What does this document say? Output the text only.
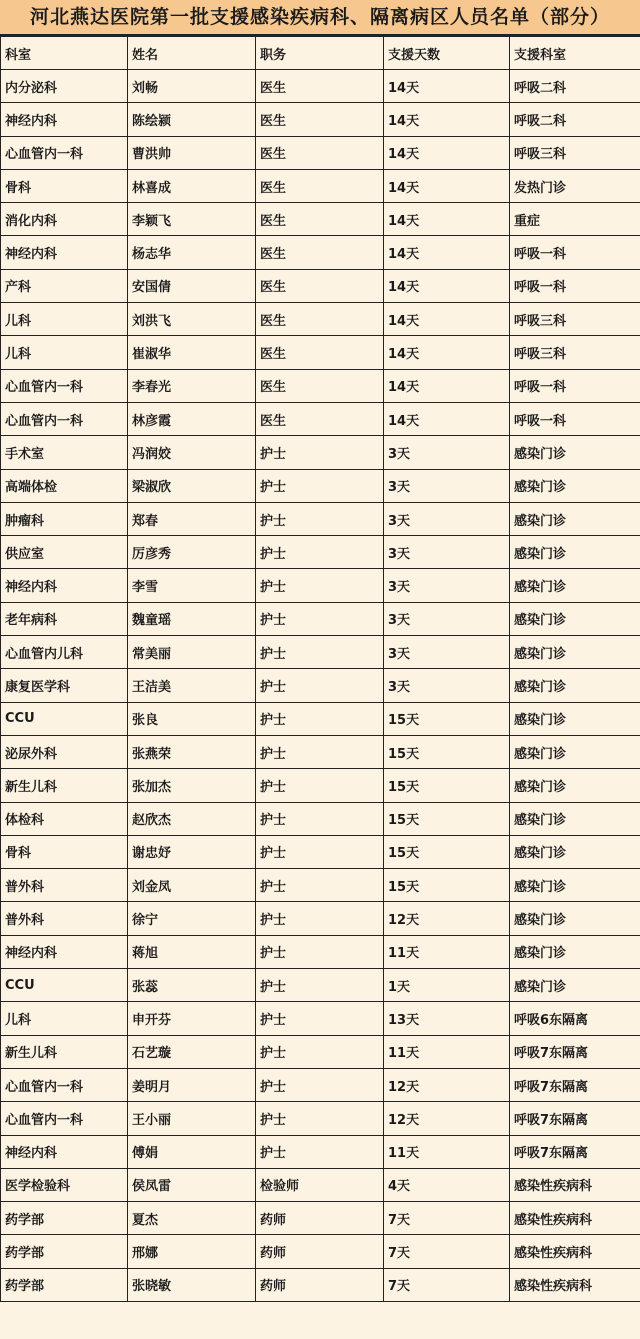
河北燕达医院第一批支援感染疾病科、隔离病区人员名单（部分）
科室	姓名	职务	支援天数	支援科室
内分泌科	刘畅	医生	14天	呼吸二科
神经内科	陈绘颍	医生	14天	呼吸二科
心血管内一科	曹洪帅	医生	14天	呼吸三科
骨科	林喜成	医生	14天	发热门诊
消化内科	李颖飞	医生	14天	重症
神经内科	杨志华	医生	14天	呼吸一科
产科	安国倩	医生	14天	呼吸一科
儿科	刘洪飞	医生	14天	呼吸三科
儿科	崔淑华	医生	14天	呼吸三科
心血管内一科	李春光	医生	14天	呼吸一科
心血管内一科	林彦霞	医生	14天	呼吸一科
手术室	冯润姣	护士	3天	感染门诊
高端体检	梁淑欣	护士	3天	感染门诊
肿瘤科	郑春	护士	3天	感染门诊
供应室	厉彦秀	护士	3天	感染门诊
神经内科	李雪	护士	3天	感染门诊
老年病科	魏童瑶	护士	3天	感染门诊
心血管内儿科	常美丽	护士	3天	感染门诊
康复医学科	王洁美	护士	3天	感染门诊
CCU	张良	护士	15天	感染门诊
泌尿外科	张燕荣	护士	15天	感染门诊
新生儿科	张加杰	护士	15天	感染门诊
体检科	赵欣杰	护士	15天	感染门诊
骨科	谢忠妤	护士	15天	感染门诊
普外科	刘金凤	护士	15天	感染门诊
普外科	徐宁	护士	12天	感染门诊
神经内科	蒋旭	护士	11天	感染门诊
CCU	张蕊	护士	1天	感染门诊
儿科	申开芬	护士	13天	呼吸6东隔离
新生儿科	石艺璇	护士	11天	呼吸7东隔离
心血管内一科	姜明月	护士	12天	呼吸7东隔离
心血管内一科	王小丽	护士	12天	呼吸7东隔离
神经内科	傅娟	护士	11天	呼吸7东隔离
医学检验科	侯凤雷	检验师	4天	感染性疾病科
药学部	夏杰	药师	7天	感染性疾病科
药学部	邢娜	药师	7天	感染性疾病科
药学部	张晓敏	药师	7天	感染性疾病科
